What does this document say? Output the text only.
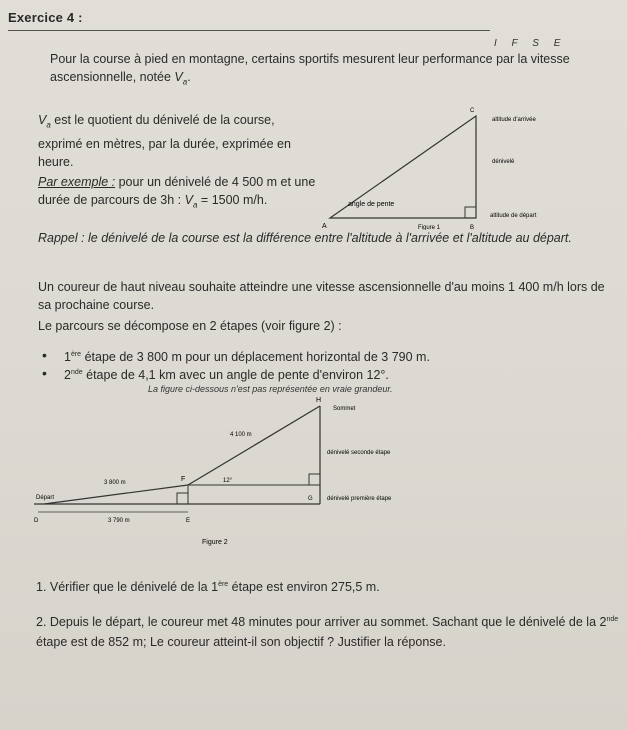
Exercice 4 :
I F S E
Pour la course à pied en montagne, certains sportifs mesurent leur performance par la vitesse ascensionnelle, notée $V_a$.
$V_a$ est le quotient du dénivelé de la course, exprimé en mètres, par la durée, exprimée en heure.
Par exemple : pour un dénivelé de 4 500 m et une durée de parcours de 3h : $V_a = 1500$ m/h.
C
altitude d'arrivée
dénivelé
angle de pente
altitude de départ
A	B
Figure 1
Rappel : le dénivelé de la course est la différence entre l'altitude à l'arrivée et l'altitude au départ.
Un coureur de haut niveau souhaite atteindre une vitesse ascensionnelle d'au moins 1 400 m/h lors de sa prochaine course.
Le parcours se décompose en 2 étapes (voir figure 2) :
• 1ère étape de 3 800 m pour un déplacement horizontal de 3 790 m.
• 2nde étape de 4,1 km avec un angle de pente d'environ 12°.
La figure ci-dessous n'est pas représentée en vraie grandeur.
H
Sommet
4 100 m
dénivelé seconde étape
3 800 m	F	12°
Départ	G dénivelé première étape
D	3 790 m	E
Figure 2
1. Vérifier que le dénivelé de la 1ère étape est environ 275,5 m.
2. Depuis le départ, le coureur met 48 minutes pour arriver au sommet. Sachant que le dénivelé de la 2nde étape est de 852 m; Le coureur atteint-il son objectif ? Justifier la réponse.
